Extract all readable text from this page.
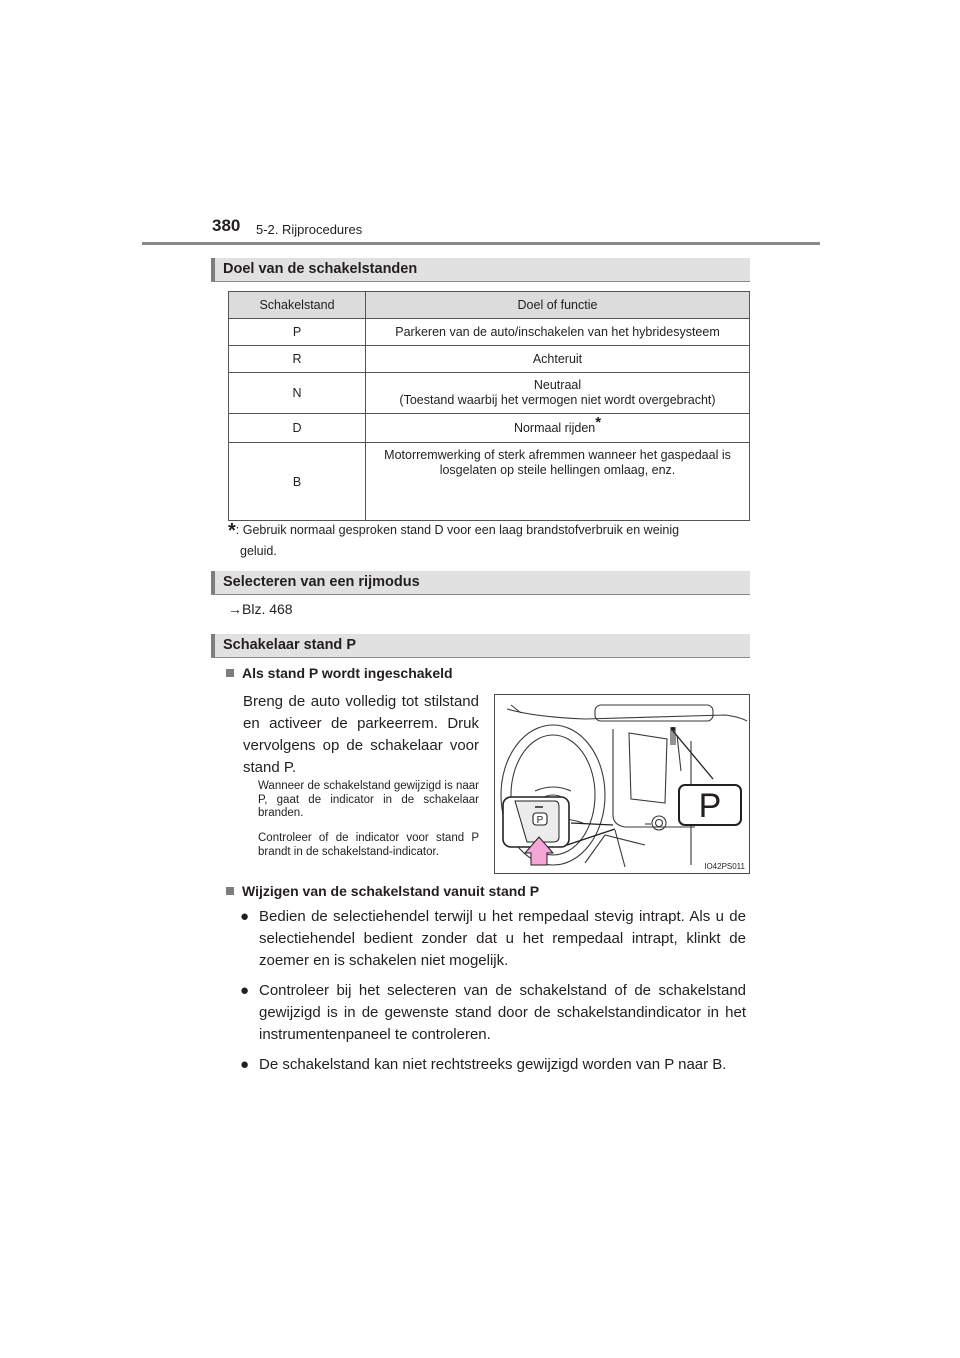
380 5-2. Rijprocedures
Doel van de schakelstanden
Schakelstand	Doel of functie
P	Parkeren van de auto/inschakelen van het hybridesysteem
R	Achteruit
N	Neutraal
(Toestand waarbij het vermogen niet wordt overgebracht)
D	Normaal rijden*
B	Motorremwerking of sterk afremmen wanneer het gaspedaal is losgelaten op steile hellingen omlaag, enz.
*: Gebruik normaal gesproken stand D voor een laag brandstofverbruik en weinig
geluid.
Selecteren van een rijmodus
→Blz. 468
Schakelaar stand P
Als stand P wordt ingeschakeld
Breng de auto volledig tot stilstand en activeer de parkeerrem. Druk vervolgens op de schakelaar voor stand P.
Wanneer de schakelstand gewijzigd is naar P, gaat de indicator in de schakelaar branden.
Controleer of de indicator voor stand P brandt in de schakelstand-indicator.
P	P
IO42PS011
Wijzigen van de schakelstand vanuit stand P
● Bedien de selectiehendel terwijl u het rempedaal stevig intrapt. Als u de selectiehendel bedient zonder dat u het rempedaal intrapt, klinkt de zoemer en is schakelen niet mogelijk.
● Controleer bij het selecteren van de schakelstand of de schakelstand gewijzigd is in de gewenste stand door de schakelstandindicator in het instrumentenpaneel te controleren.
● De schakelstand kan niet rechtstreeks gewijzigd worden van P naar B.
